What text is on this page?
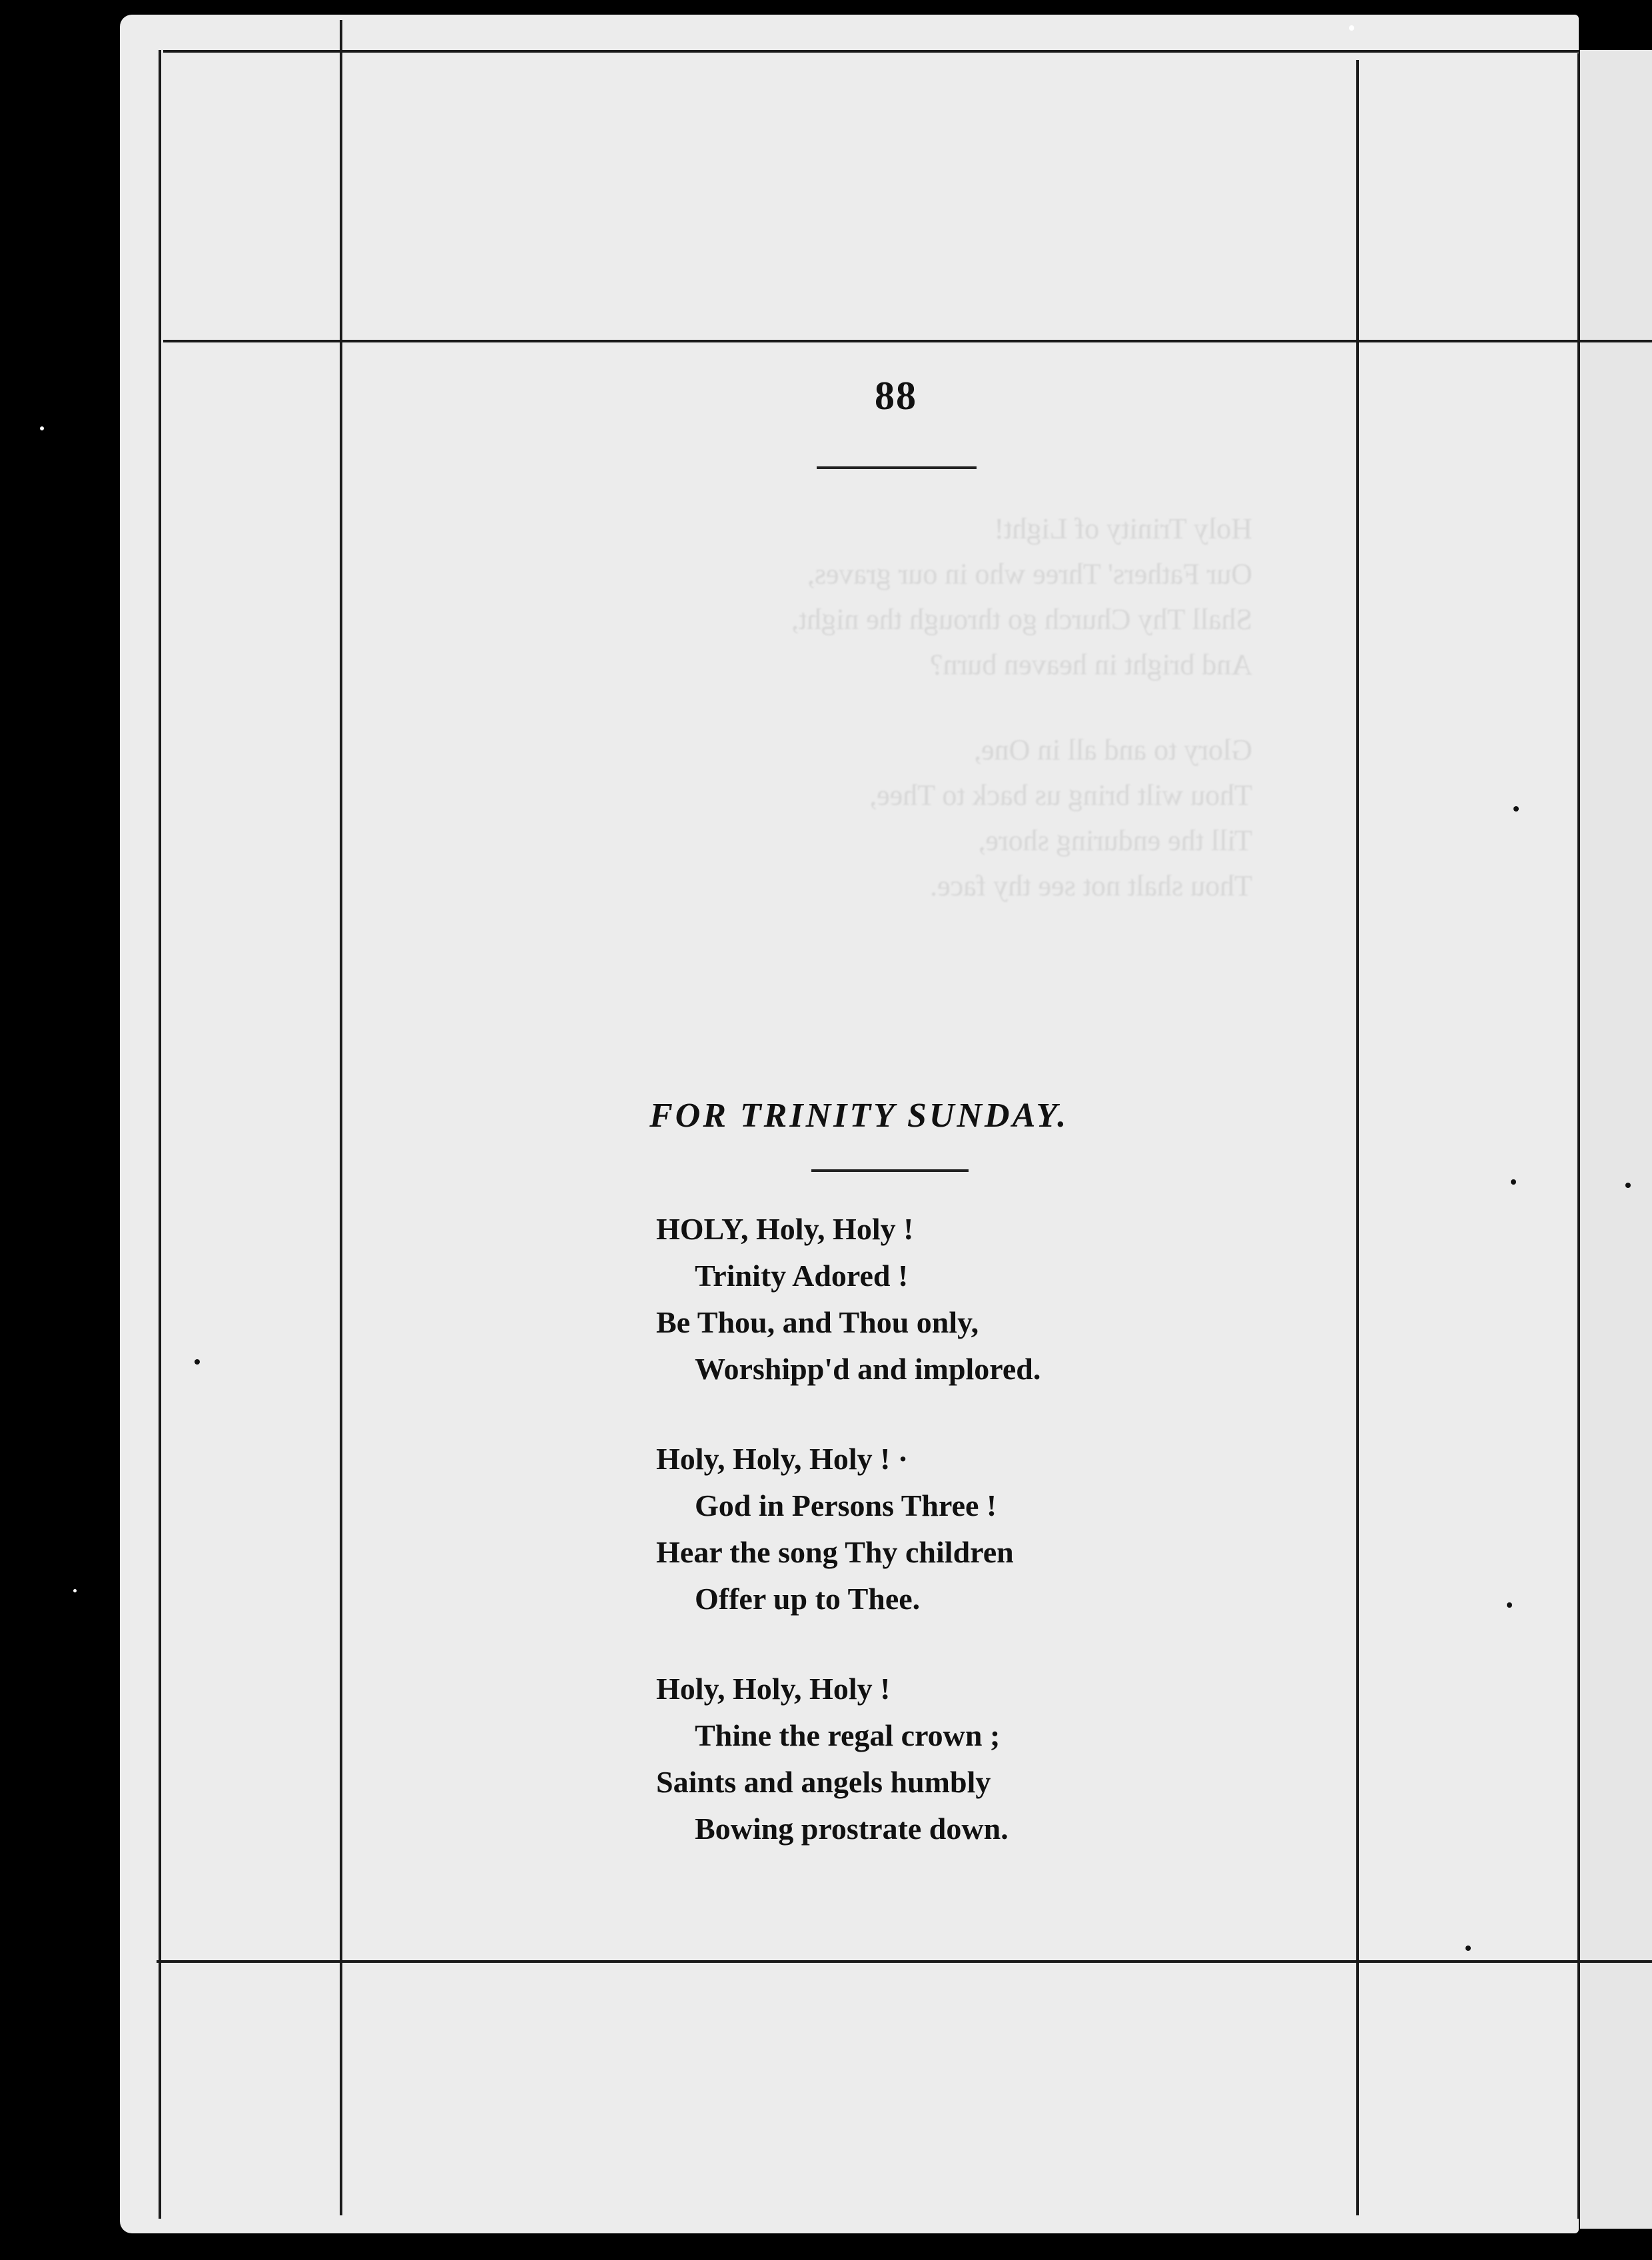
88
Holy Trinity of Light!
Our Fathers' Three who in our graves,
Shall Thy Church go through the night,
And bright in heaven burn?
Glory to and all in One,
Thou wilt bring us back to Thee,
Till the enduring shore,
Thou shalt not see thy face.
FOR TRINITY SUNDAY.
HOLY, Holy, Holy !
Trinity Adored !
Be Thou, and Thou only,
Worshipp'd and implored.
Holy, Holy, Holy ! ·
God in Persons Three !
Hear the song Thy children
Offer up to Thee.
Holy, Holy, Holy !
Thine the regal crown ;
Saints and angels humbly
Bowing prostrate down.
